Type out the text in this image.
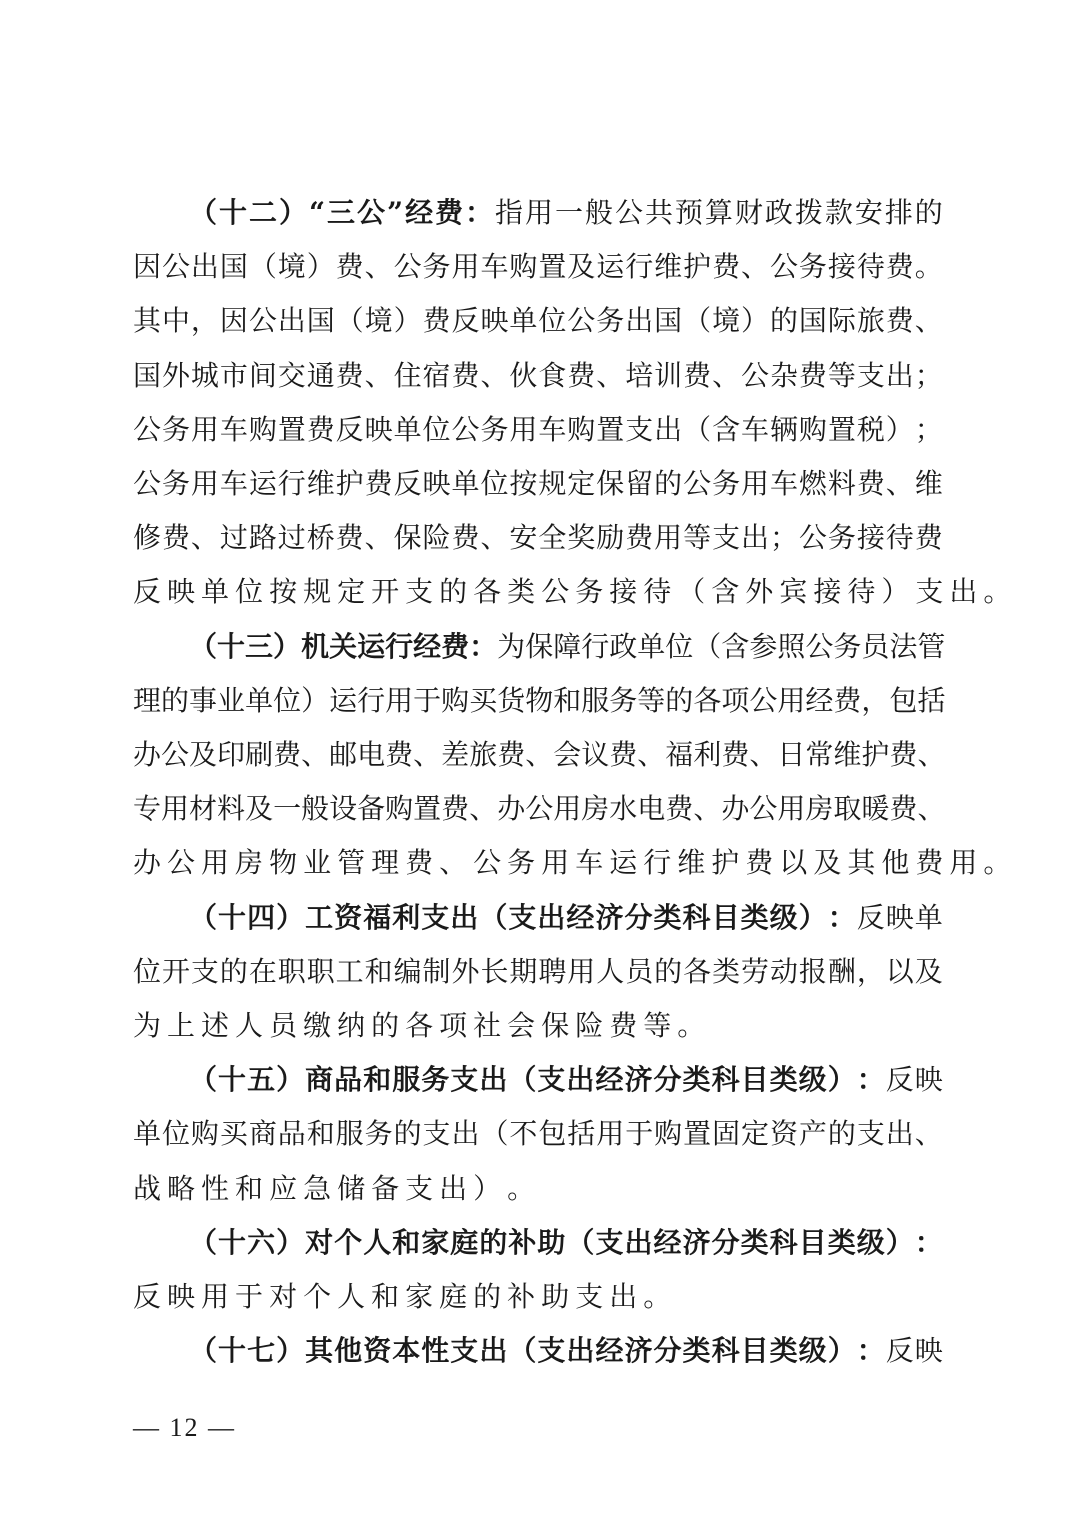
（ 十 二 ） “ 三 公 ” 经 费 ： 指 用 一 般 公 共 预 算 财 政 拨 款 安 排 的
因 公 出 国 （ 境 ） 费 、 公 务 用 车 购 置 及 运 行 维 护 费 、 公 务 接 待 费 。
其 中 ， 因 公 出 国 （ 境 ） 费 反 映 单 位 公 务 出 国 （ 境 ） 的 国 际 旅 费 、
国 外 城 市 间 交 通 费 、 住 宿 费 、 伙 食 费 、 培 训 费 、 公 杂 费 等 支 出 ；
公 务 用 车 购 置 费 反 映 单 位 公 务 用 车 购 置 支 出 （ 含 车 辆 购 置 税 ） ；
公 务 用 车 运 行 维 护 费 反 映 单 位 按 规 定 保 留 的 公 务 用 车 燃 料 费 、 维
修 费 、 过 路 过 桥 费 、 保 险 费 、 安 全 奖 励 费 用 等 支 出 ； 公 务 接 待 费
反 映 单 位 按 规 定 开 支 的 各 类 公 务 接 待 （ 含 外 宾 接 待 ） 支 出 。
（ 十 三 ） 机 关 运 行 经 费 ： 为 保 障 行 政 单 位 （ 含 参 照 公 务 员 法 管
理 的 事 业 单 位 ） 运 行 用 于 购 买 货 物 和 服 务 等 的 各 项 公 用 经 费 ， 包 括
办 公 及 印 刷 费 、 邮 电 费 、 差 旅 费 、 会 议 费 、 福 利 费 、 日 常 维 护 费 、
专 用 材 料 及 一 般 设 备 购 置 费 、 办 公 用 房 水 电 费 、 办 公 用 房 取 暖 费 、
办 公 用 房 物 业 管 理 费 、 公 务 用 车 运 行 维 护 费 以 及 其 他 费 用 。
（ 十 四 ） 工 资 福 利 支 出 （ 支 出 经 济 分 类 科 目 类 级 ） ： 反 映 单
位 开 支 的 在 职 职 工 和 编 制 外 长 期 聘 用 人 员 的 各 类 劳 动 报 酬 ， 以 及
为 上 述 人 员 缴 纳 的 各 项 社 会 保 险 费 等 。
（ 十 五 ） 商 品 和 服 务 支 出 （ 支 出 经 济 分 类 科 目 类 级 ） ： 反 映
单 位 购 买 商 品 和 服 务 的 支 出 （ 不 包 括 用 于 购 置 固 定 资 产 的 支 出 、
战 略 性 和 应 急 储 备 支 出 ） 。
（ 十 六 ） 对 个 人 和 家 庭 的 补 助 （ 支 出 经 济 分 类 科 目 类 级 ） ：
反 映 用 于 对 个 人 和 家 庭 的 补 助 支 出 。
（ 十 七 ） 其 他 资 本 性 支 出 （ 支 出 经 济 分 类 科 目 类 级 ） ： 反 映
— 12 —
